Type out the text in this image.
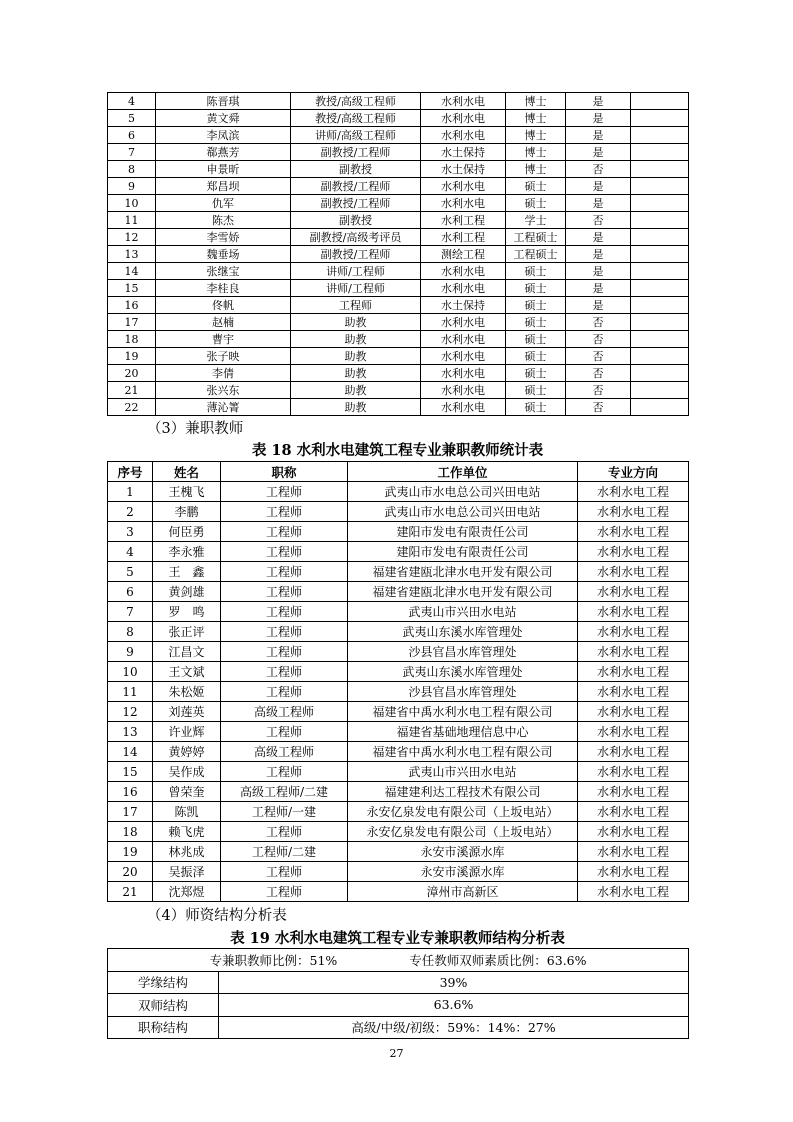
4	陈晋琪	教授/高级工程师	水利水电	博士	是	
5	黄文舜	教授/高级工程师	水利水电	博士	是	
6	李凤滨	讲师/高级工程师	水利水电	博士	是	
7	郗燕芳	副教授/工程师	水土保持	博士	是	
8	申景昕	副教授	水土保持	博士	否	
9	郑昌坝	副教授/工程师	水利水电	硕士	是	
10	仇军	副教授/工程师	水利水电	硕士	是	
11	陈杰	副教授	水利工程	学士	否	
12	李雪娇	副教授/高级考评员	水利工程	工程硕士	是	
13	魏垂场	副教授/工程师	测绘工程	工程硕士	是	
14	张继宝	讲师/工程师	水利水电	硕士	是	
15	李桂良	讲师/工程师	水利水电	硕士	是	
16	佟帆	工程师	水土保持	硕士	是	
17	赵楠	助教	水利水电	硕士	否	
18	曹宇	助教	水利水电	硕士	否	
19	张子映	助教	水利水电	硕士	否	
20	李倩	助教	水利水电	硕士	否	
21	张兴东	助教	水利水电	硕士	否	
22	薄沁箐	助教	水利水电	硕士	否	
（3）兼职教师
表 18 水利水电建筑工程专业兼职教师统计表
序号	姓名	职称	工作单位	专业方向
1	王槐飞	工程师	武夷山市水电总公司兴田电站	水利水电工程
2	李鹏	工程师	武夷山市水电总公司兴田电站	水利水电工程
3	何臣勇	工程师	建阳市发电有限责任公司	水利水电工程
4	李永雅	工程师	建阳市发电有限责任公司	水利水电工程
5	王　鑫	工程师	福建省建瓯北津水电开发有限公司	水利水电工程
6	黄剑雄	工程师	福建省建瓯北津水电开发有限公司	水利水电工程
7	罗　鸣	工程师	武夷山市兴田水电站	水利水电工程
8	张正评	工程师	武夷山东溪水库管理处	水利水电工程
9	江昌文	工程师	沙县官昌水库管理处	水利水电工程
10	王文斌	工程师	武夷山东溪水库管理处	水利水电工程
11	朱松姬	工程师	沙县官昌水库管理处	水利水电工程
12	刘莲英	高级工程师	福建省中禹水利水电工程有限公司	水利水电工程
13	许业辉	工程师	福建省基础地理信息中心	水利水电工程
14	黄婷婷	高级工程师	福建省中禹水利水电工程有限公司	水利水电工程
15	吴作成	工程师	武夷山市兴田水电站	水利水电工程
16	曾荣奎	高级工程师/二建	福建建利达工程技术有限公司	水利水电工程
17	陈凯	工程师/一建	永安亿泉发电有限公司（上坂电站）	水利水电工程
18	赖飞虎	工程师	永安亿泉发电有限公司（上坂电站）	水利水电工程
19	林兆成	工程师/二建	永安市溪源水库	水利水电工程
20	吴振泽	工程师	永安市溪源水库	水利水电工程
21	沈郑煜	工程师	漳州市高新区	水利水电工程
（4）师资结构分析表
表 19 水利水电建筑工程专业专兼职教师结构分析表
专兼职教师比例：51% 专任教师双师素质比例：63.6%	
学缘结构	39%
双师结构	63.6%
职称结构	高级/中级/初级：59%：14%：27%
27
